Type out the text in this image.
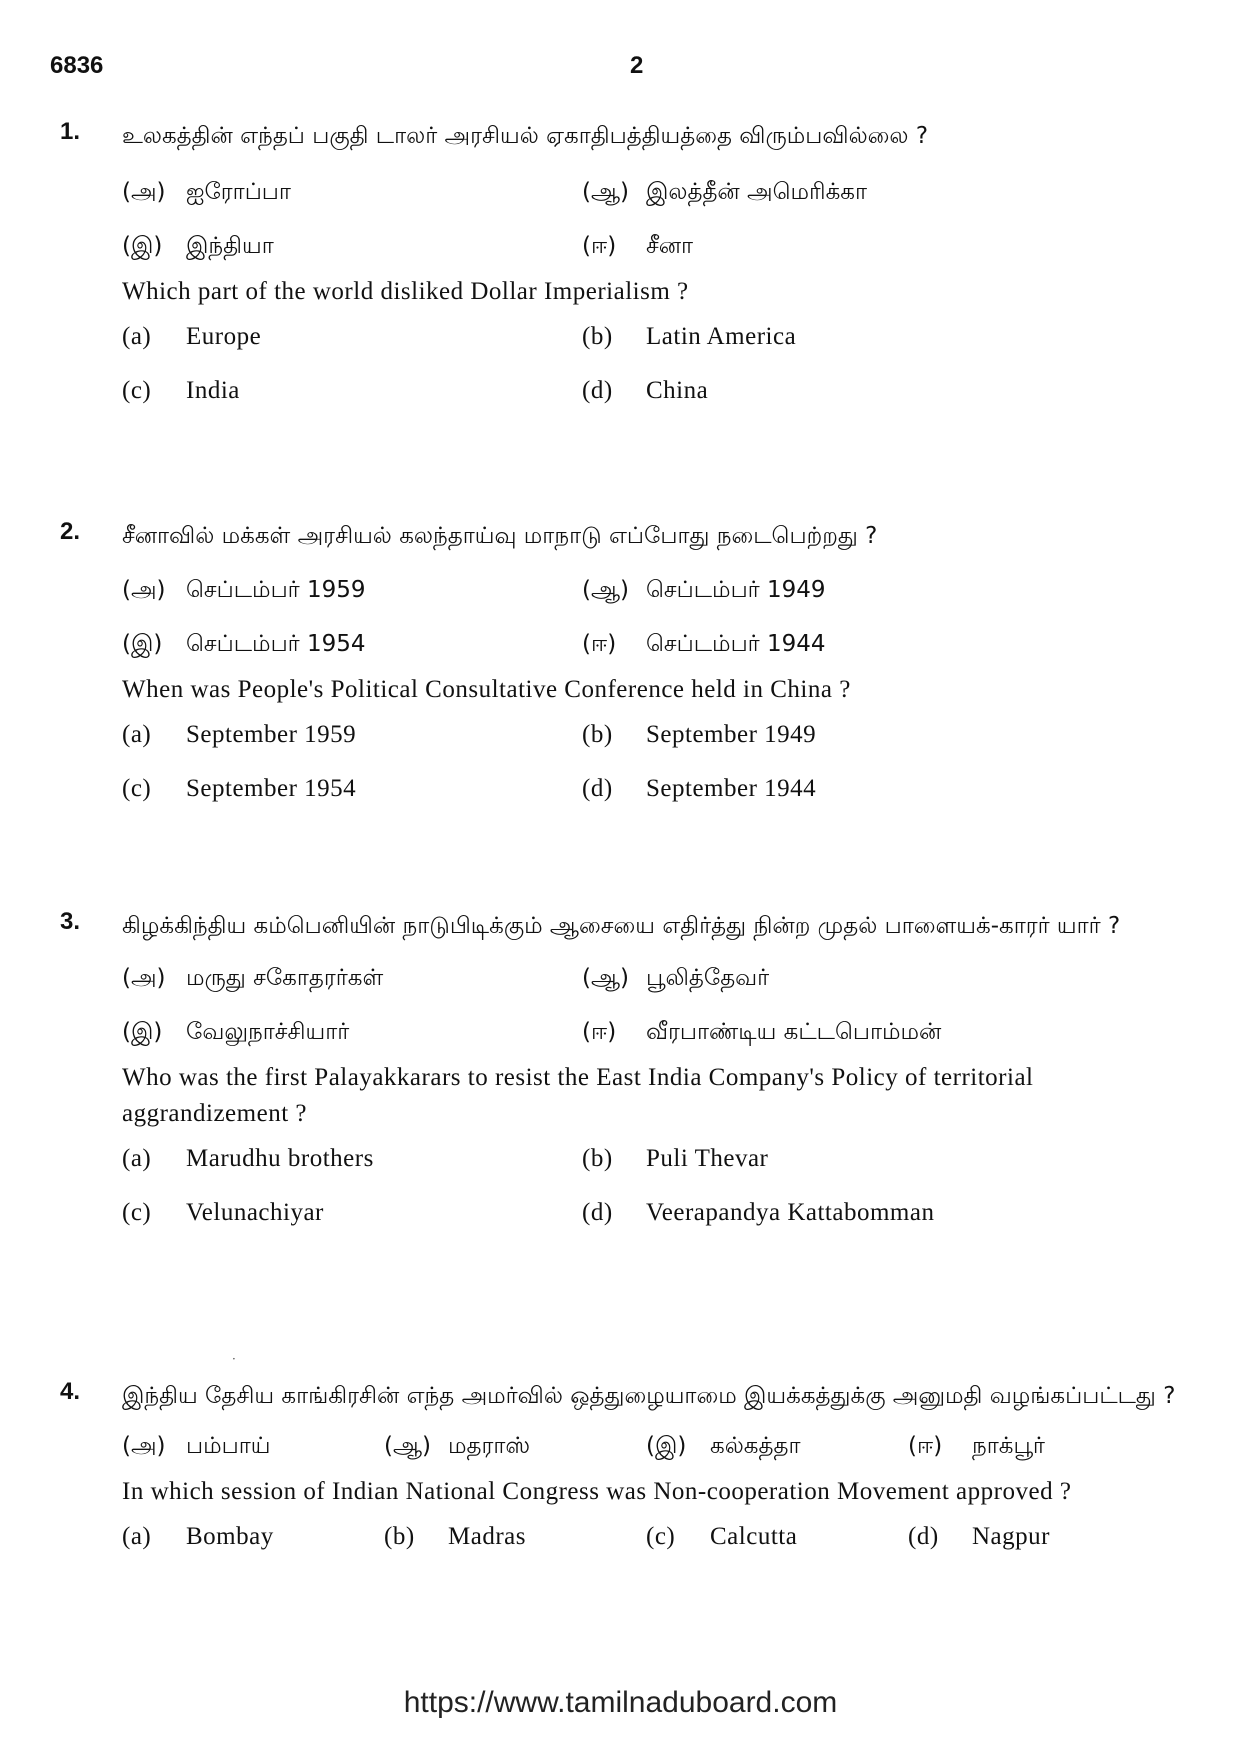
6836	2
1. உலகத்தின் எந்தப் பகுதி டாலர் அரசியல் ஏகாதிபத்தியத்தை விரும்பவில்லை ?
(அ) ஐரோப்பா	(ஆ) இலத்தீன் அமெரிக்கா
(இ)	இந்தியா	(ஈ)	சீனா
Which part of the world disliked Dollar Imperialism ?
(a)	Europe	(b)	Latin America
(c)	India	(d)	China
2. சீனாவில் மக்கள் அரசியல் கலந்தாய்வு மாநாடு எப்போது நடைபெற்றது ?
(அ) செப்டம்பர் 1959	(ஆ) செப்டம்பர் 1949
(இ)	செப்டம்பர் 1954	(ஈ)	செப்டம்பர் 1944
When was People's Political Consultative Conference held in China ?
(a)	September 1959	(b)	September 1949
(c)	September 1954	(d)	September 1944
3. கிழக்கிந்திய கம்பெனியின் நாடுபிடிக்கும் ஆசையை எதிர்த்து நின்ற முதல் பாளையக்-காரர் யார் ?
(அ) மருது சகோதரர்கள்	(ஆ) பூலித்தேவர்
(இ)	வேலுநாச்சியார்	(ஈ)	வீரபாண்டிய கட்டபொம்மன்
Who was the first Palayakkarars to resist the East India Company's Policy of territorial aggrandizement ?
(a)	Marudhu brothers	(b)	Puli Thevar
(c)	Velunachiyar	(d)	Veerapandya Kattabomman
·
4. இந்திய தேசிய காங்கிரசின் எந்த அமர்வில் ஒத்துழையாமை இயக்கத்துக்கு அனுமதி வழங்கப்பட்டது ?
(அ) பம்பாய்	(ஆ) மதராஸ்	(இ)	கல்கத்தா	(ஈ)	நாக்பூர்
In which session of Indian National Congress was Non-cooperation Movement approved ?
(a)	Bombay	(b)	Madras	(c)	Calcutta	(d)	Nagpur
https://www.tamilnaduboard.com
